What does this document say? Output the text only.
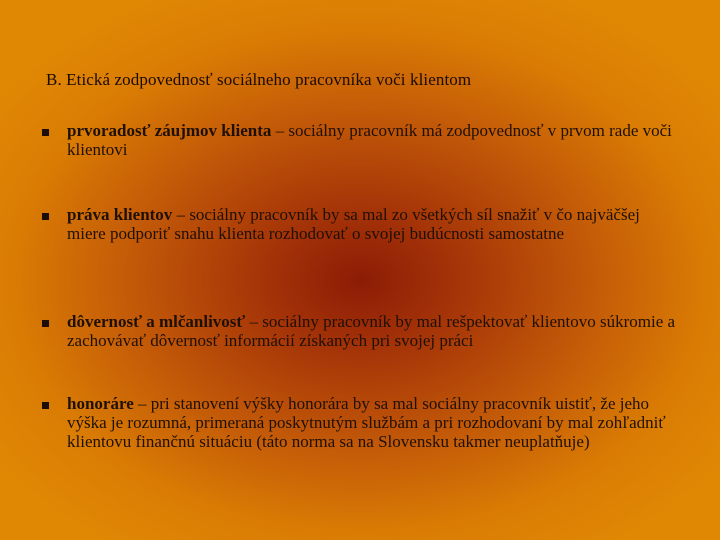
B. Etická zodpovednosť sociálneho pracovníka voči klientom
prvoradosť záujmov klienta – sociálny pracovník má zodpovednosť v prvom rade voči klientovi
práva klientov – sociálny pracovník by sa mal zo všetkých síl snažiť v čo najväčšej miere podporiť snahu klienta rozhodovať o svojej budúcnosti samostatne
dôvernosť a mlčanlivosť – sociálny pracovník by mal rešpektovať klientovo súkromie a zachovávať dôvernosť informácií získaných pri svojej práci
honoráre – pri stanovení výšky honorára by sa mal sociálny pracovník uistiť, že jeho výška je rozumná, primeraná poskytnutým službám a pri rozhodovaní by mal zohľadniť klientovu finančnú situáciu (táto norma sa na Slovensku takmer neuplatňuje)
